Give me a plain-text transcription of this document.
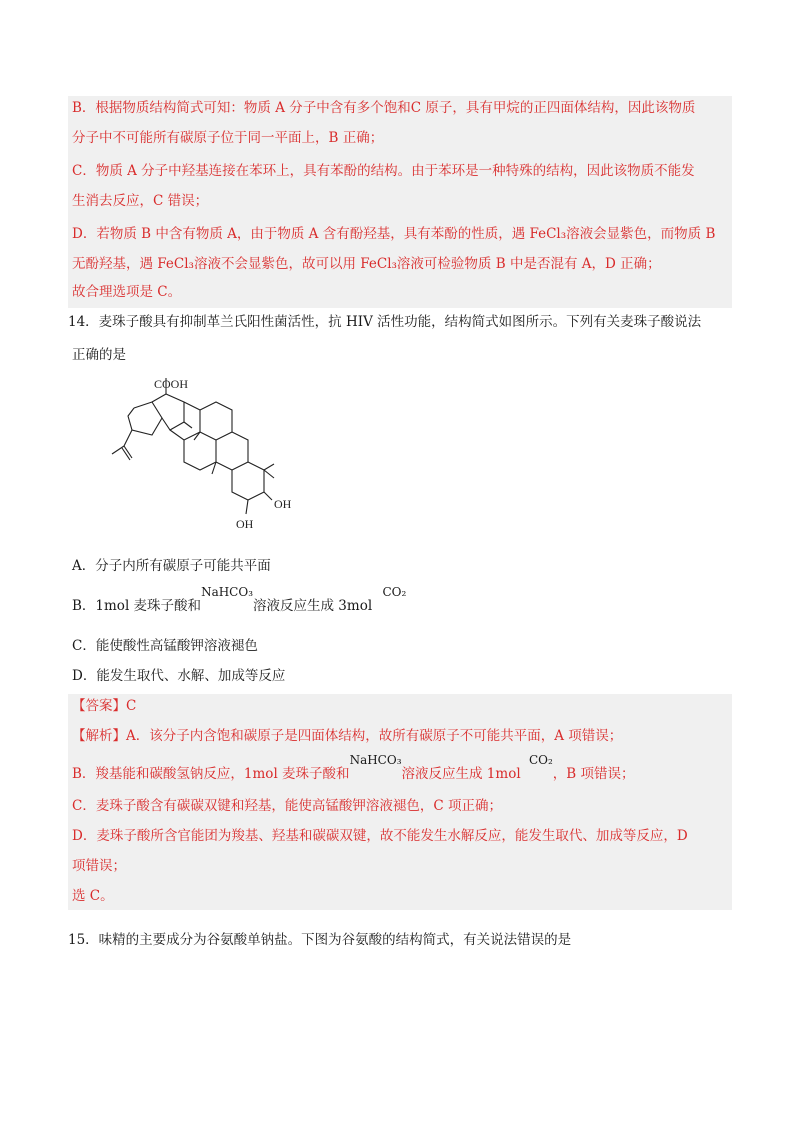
B．根据物质结构简式可知：物质 A 分子中含有多个饱和C 原子，具有甲烷的正四面体结构，因此该物质

分子中不可能所有碳原子位于同一平面上，B 正确；

C．物质 A 分子中羟基连接在苯环上，具有苯酚的结构。由于苯环是一种特殊的结构，因此该物质不能发

生消去反应，C 错误；

D．若物质 B 中含有物质 A，由于物质 A 含有酚羟基，具有苯酚的性质，遇 FeCl₃溶液会显紫色，而物质 B

无酚羟基，遇 FeCl₃溶液不会显紫色，故可以用 FeCl₃溶液可检验物质 B 中是否混有 A，D 正确；

故合理选项是 C。

14．麦珠子酸具有抑制革兰氏阳性菌活性，抗 HIV 活性功能，结构简式如图所示。下列有关麦珠子酸说法

正确的是

COOH
OH
OH

A．分子内所有碳原子可能共平面

B．1mol 麦珠子酸和NaHCO₃溶液反应生成 3mol CO₂

C．能使酸性高锰酸钾溶液褪色

D．能发生取代、水解、加成等反应

【答案】C

【解析】A．该分子内含饱和碳原子是四面体结构，故所有碳原子不可能共平面，A 项错误；

B．羧基能和碳酸氢钠反应，1mol 麦珠子酸和NaHCO₃溶液反应生成 1mol CO₂，B 项错误；

C．麦珠子酸含有碳碳双键和羟基，能使高锰酸钾溶液褪色，C 项正确；

D．麦珠子酸所含官能团为羧基、羟基和碳碳双键，故不能发生水解反应，能发生取代、加成等反应，D

项错误；

选 C。

15．味精的主要成分为谷氨酸单钠盐。下图为谷氨酸的结构简式，有关说法错误的是
